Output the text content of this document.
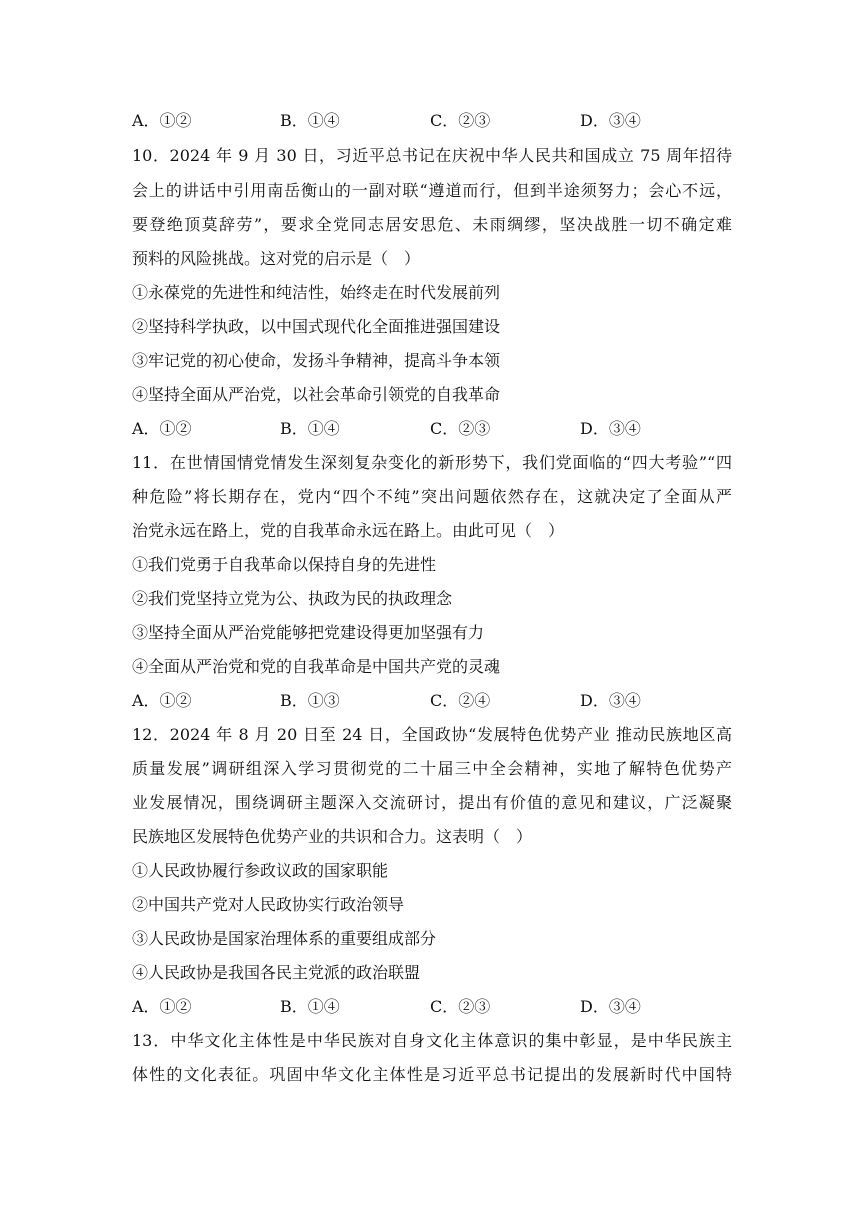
A．①②	B．①④	C．②③	D．③④
10．2024 年 9 月 30 日，习近平总书记在庆祝中华人民共和国成立 75 周年招待
会上的讲话中引用南岳衡山的一副对联“遵道而行，但到半途须努力；会心不远，
要登绝顶莫辞劳”，要求全党同志居安思危、未雨绸缪，坚决战胜一切不确定难
预料的风险挑战。这对党的启示是（　）
①永葆党的先进性和纯洁性，始终走在时代发展前列
②坚持科学执政，以中国式现代化全面推进强国建设
③牢记党的初心使命，发扬斗争精神，提高斗争本领
④坚持全面从严治党，以社会革命引领党的自我革命
A．①②	B．①④	C．②③	D．③④
11．在世情国情党情发生深刻复杂变化的新形势下，我们党面临的“四大考验”“四
种危险”将长期存在，党内“四个不纯”突出问题依然存在，这就决定了全面从严
治党永远在路上，党的自我革命永远在路上。由此可见（　）
①我们党勇于自我革命以保持自身的先进性
②我们党坚持立党为公、执政为民的执政理念
③坚持全面从严治党能够把党建设得更加坚强有力
④全面从严治党和党的自我革命是中国共产党的灵魂
A．①②	B．①③	C．②④	D．③④
12．2024 年 8 月 20 日至 24 日，全国政协“发展特色优势产业 推动民族地区高
质量发展”调研组深入学习贯彻党的二十届三中全会精神，实地了解特色优势产
业发展情况，围绕调研主题深入交流研讨，提出有价值的意见和建议，广泛凝聚
民族地区发展特色优势产业的共识和合力。这表明（　）
①人民政协履行参政议政的国家职能
②中国共产党对人民政协实行政治领导
③人民政协是国家治理体系的重要组成部分
④人民政协是我国各民主党派的政治联盟
A．①②	B．①④	C．②③	D．③④
13．中华文化主体性是中华民族对自身文化主体意识的集中彰显，是中华民族主
体性的文化表征。巩固中华文化主体性是习近平总书记提出的发展新时代中国特
